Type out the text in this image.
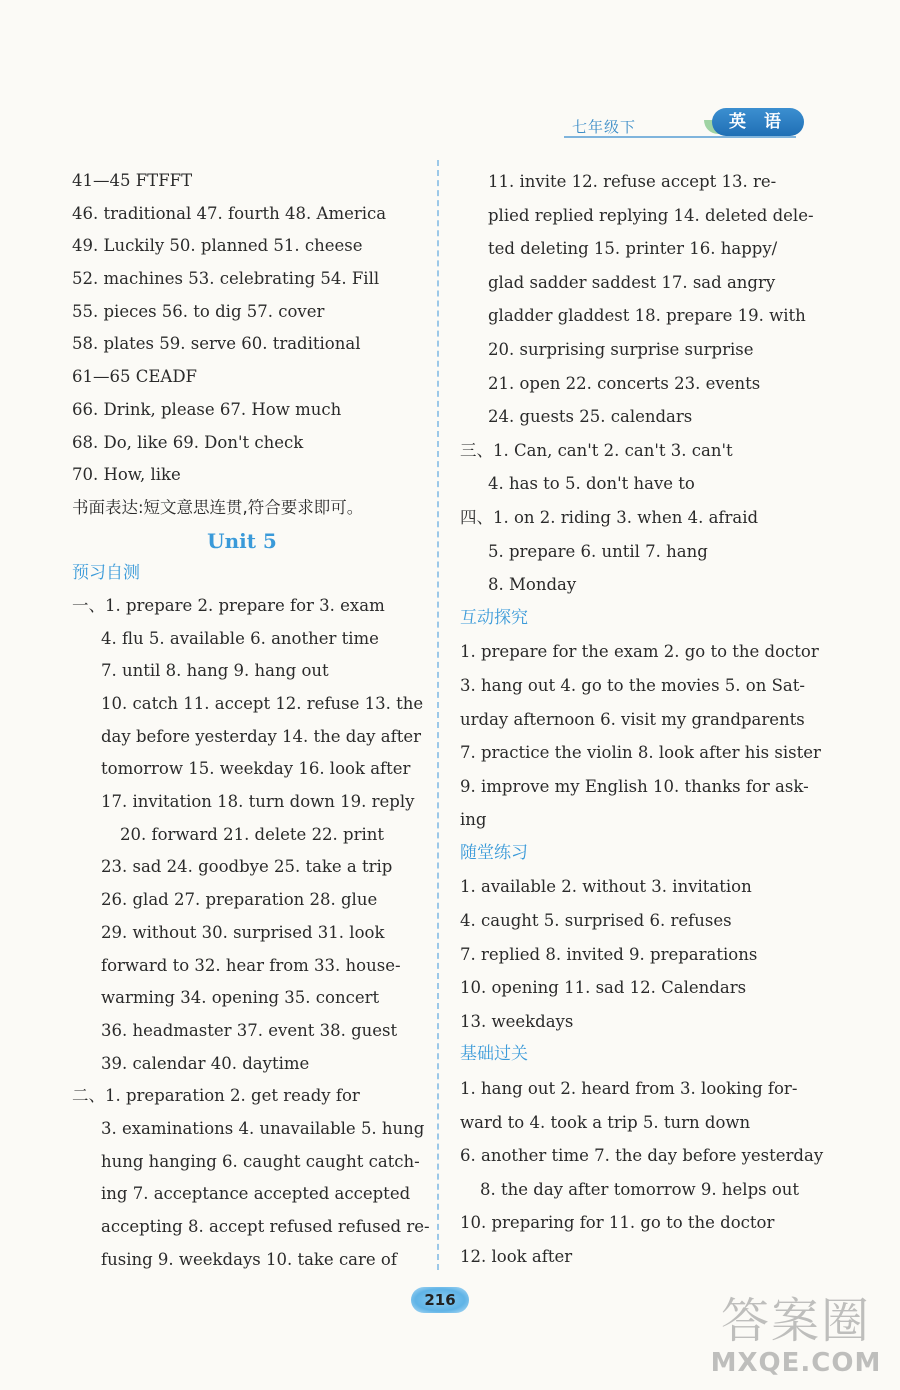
七年级下	英 语
41—45 FTFFT
46. traditional 47. fourth 48. America
49. Luckily 50. planned 51. cheese
52. machines 53. celebrating 54. Fill
55. pieces 56. to dig 57. cover
58. plates 59. serve 60. traditional
61—65 CEADF
66. Drink, please 67. How much
68. Do, like 69. Don't check
70. How, like
书面表达:短文意思连贯,符合要求即可。
Unit 5
预习自测
一、1. prepare 2. prepare for 3. exam
4. flu 5. available 6. another time
7. until 8. hang 9. hang out
10. catch 11. accept 12. refuse 13. the
day before yesterday 14. the day after
tomorrow 15. weekday 16. look after
17. invitation 18. turn down 19. reply
20. forward 21. delete 22. print
23. sad 24. goodbye 25. take a trip
26. glad 27. preparation 28. glue
29. without 30. surprised 31. look
forward to 32. hear from 33. house-
warming 34. opening 35. concert
36. headmaster 37. event 38. guest
39. calendar 40. daytime
二、1. preparation 2. get ready for
3. examinations 4. unavailable 5. hung
hung hanging 6. caught caught catch-
ing 7. acceptance accepted accepted
accepting 8. accept refused refused re-
fusing 9. weekdays 10. take care of
11. invite 12. refuse accept 13. re-
plied replied replying 14. deleted dele-
ted deleting 15. printer 16. happy/
glad sadder saddest 17. sad angry
gladder gladdest 18. prepare 19. with
20. surprising surprise surprise
21. open 22. concerts 23. events
24. guests 25. calendars
三、1. Can, can't 2. can't 3. can't
4. has to 5. don't have to
四、1. on 2. riding 3. when 4. afraid
5. prepare 6. until 7. hang
8. Monday
互动探究
1. prepare for the exam 2. go to the doctor
3. hang out 4. go to the movies 5. on Sat-
urday afternoon 6. visit my grandparents
7. practice the violin 8. look after his sister
9. improve my English 10. thanks for ask-
ing
随堂练习
1. available 2. without 3. invitation
4. caught 5. surprised 6. refuses
7. replied 8. invited 9. preparations
10. opening 11. sad 12. Calendars
13. weekdays
基础过关
1. hang out 2. heard from 3. looking for-
ward to 4. took a trip 5. turn down
6. another time 7. the day before yesterday
8. the day after tomorrow 9. helps out
10. preparing for 11. go to the doctor
12. look after
216	答案圈
MXQE.COM
